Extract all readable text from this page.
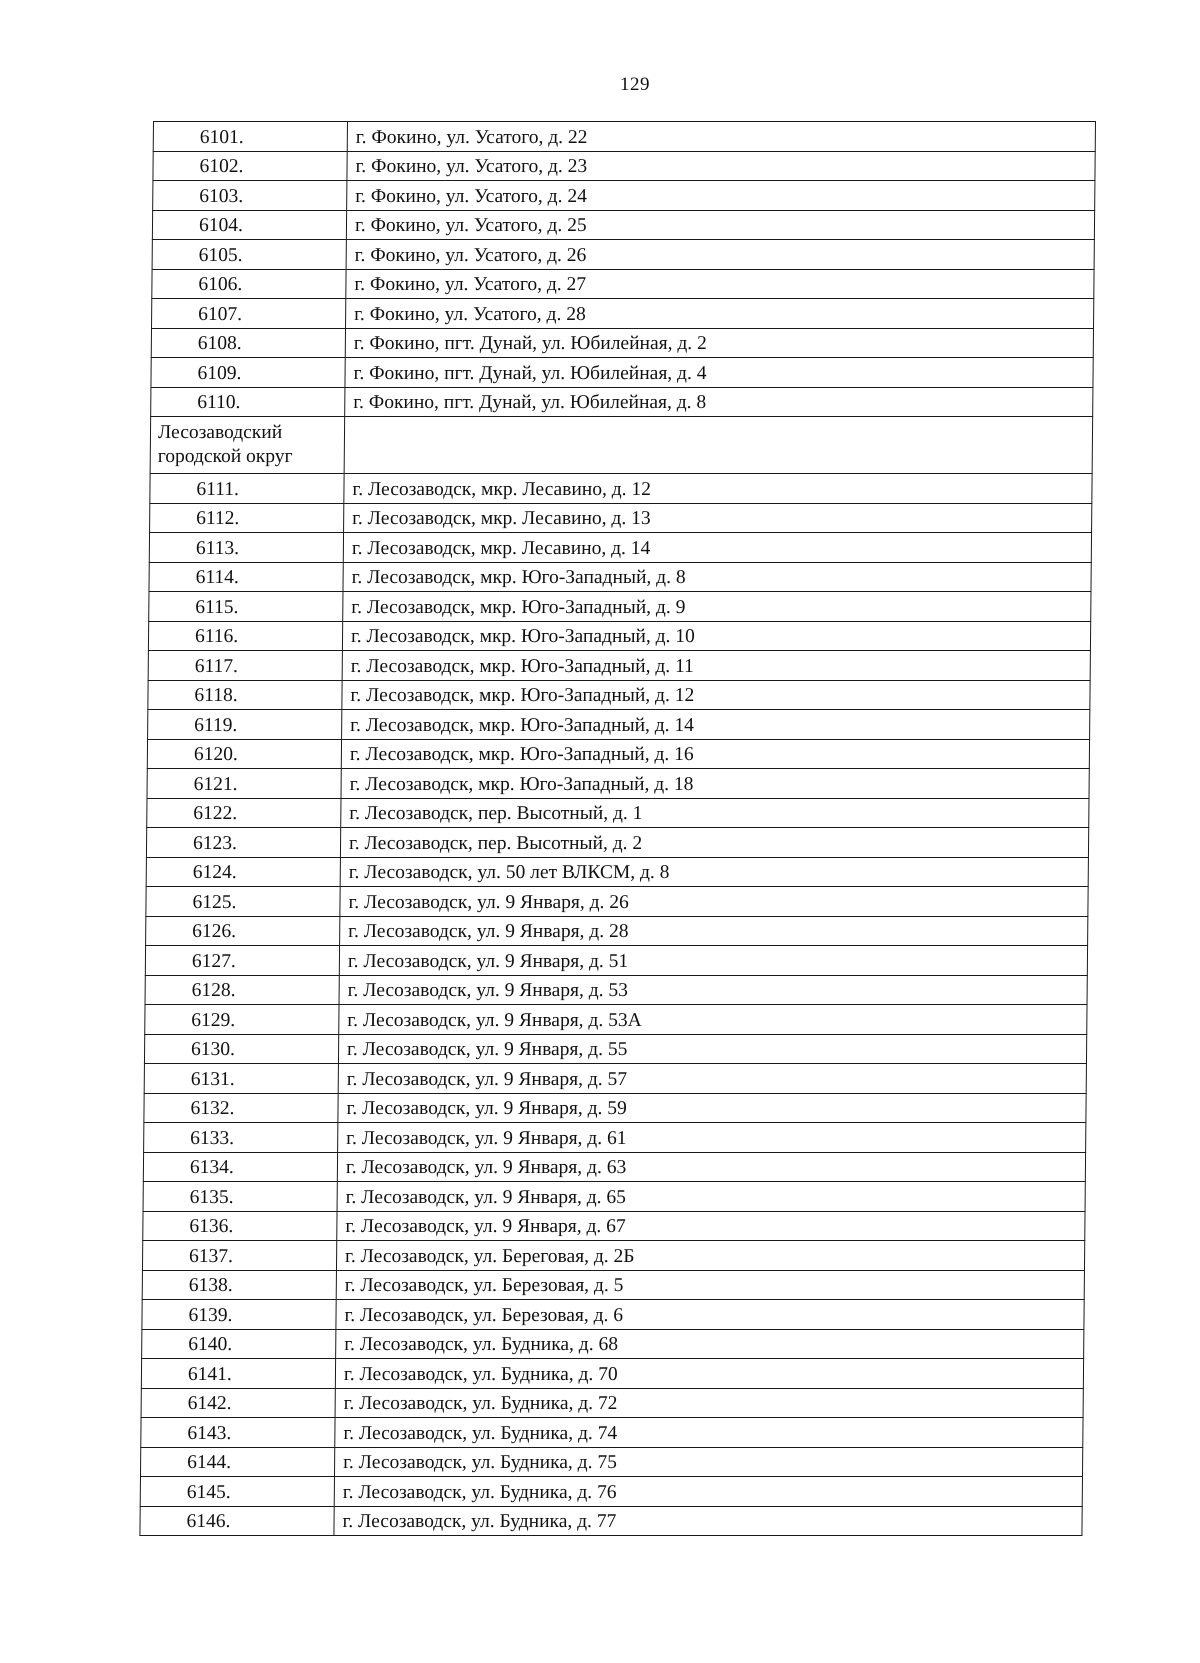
129
6101.	г. Фокино, ул. Усатого, д. 22
6102.	г. Фокино, ул. Усатого, д. 23
6103.	г. Фокино, ул. Усатого, д. 24
6104.	г. Фокино, ул. Усатого, д. 25
6105.	г. Фокино, ул. Усатого, д. 26
6106.	г. Фокино, ул. Усатого, д. 27
6107.	г. Фокино, ул. Усатого, д. 28
6108.	г. Фокино, пгт. Дунай, ул. Юбилейная, д. 2
6109.	г. Фокино, пгт. Дунай, ул. Юбилейная, д. 4
6110.	г. Фокино, пгт. Дунай, ул. Юбилейная, д. 8
Лесозаводский городской округ	
6111.	г. Лесозаводск, мкр. Лесавино, д. 12
6112.	г. Лесозаводск, мкр. Лесавино, д. 13
6113.	г. Лесозаводск, мкр. Лесавино, д. 14
6114.	г. Лесозаводск, мкр. Юго-Западный, д. 8
6115.	г. Лесозаводск, мкр. Юго-Западный, д. 9
6116.	г. Лесозаводск, мкр. Юго-Западный, д. 10
6117.	г. Лесозаводск, мкр. Юго-Западный, д. 11
6118.	г. Лесозаводск, мкр. Юго-Западный, д. 12
6119.	г. Лесозаводск, мкр. Юго-Западный, д. 14
6120.	г. Лесозаводск, мкр. Юго-Западный, д. 16
6121.	г. Лесозаводск, мкр. Юго-Западный, д. 18
6122.	г. Лесозаводск, пер. Высотный, д. 1
6123.	г. Лесозаводск, пер. Высотный, д. 2
6124.	г. Лесозаводск, ул. 50 лет ВЛКСМ, д. 8
6125.	г. Лесозаводск, ул. 9 Января, д. 26
6126.	г. Лесозаводск, ул. 9 Января, д. 28
6127.	г. Лесозаводск, ул. 9 Января, д. 51
6128.	г. Лесозаводск, ул. 9 Января, д. 53
6129.	г. Лесозаводск, ул. 9 Января, д. 53А
6130.	г. Лесозаводск, ул. 9 Января, д. 55
6131.	г. Лесозаводск, ул. 9 Января, д. 57
6132.	г. Лесозаводск, ул. 9 Января, д. 59
6133.	г. Лесозаводск, ул. 9 Января, д. 61
6134.	г. Лесозаводск, ул. 9 Января, д. 63
6135.	г. Лесозаводск, ул. 9 Января, д. 65
6136.	г. Лесозаводск, ул. 9 Января, д. 67
6137.	г. Лесозаводск, ул. Береговая, д. 2Б
6138.	г. Лесозаводск, ул. Березовая, д. 5
6139.	г. Лесозаводск, ул. Березовая, д. 6
6140.	г. Лесозаводск, ул. Будника, д. 68
6141.	г. Лесозаводск, ул. Будника, д. 70
6142.	г. Лесозаводск, ул. Будника, д. 72
6143.	г. Лесозаводск, ул. Будника, д. 74
6144.	г. Лесозаводск, ул. Будника, д. 75
6145.	г. Лесозаводск, ул. Будника, д. 76
6146.	г. Лесозаводск, ул. Будника, д. 77
